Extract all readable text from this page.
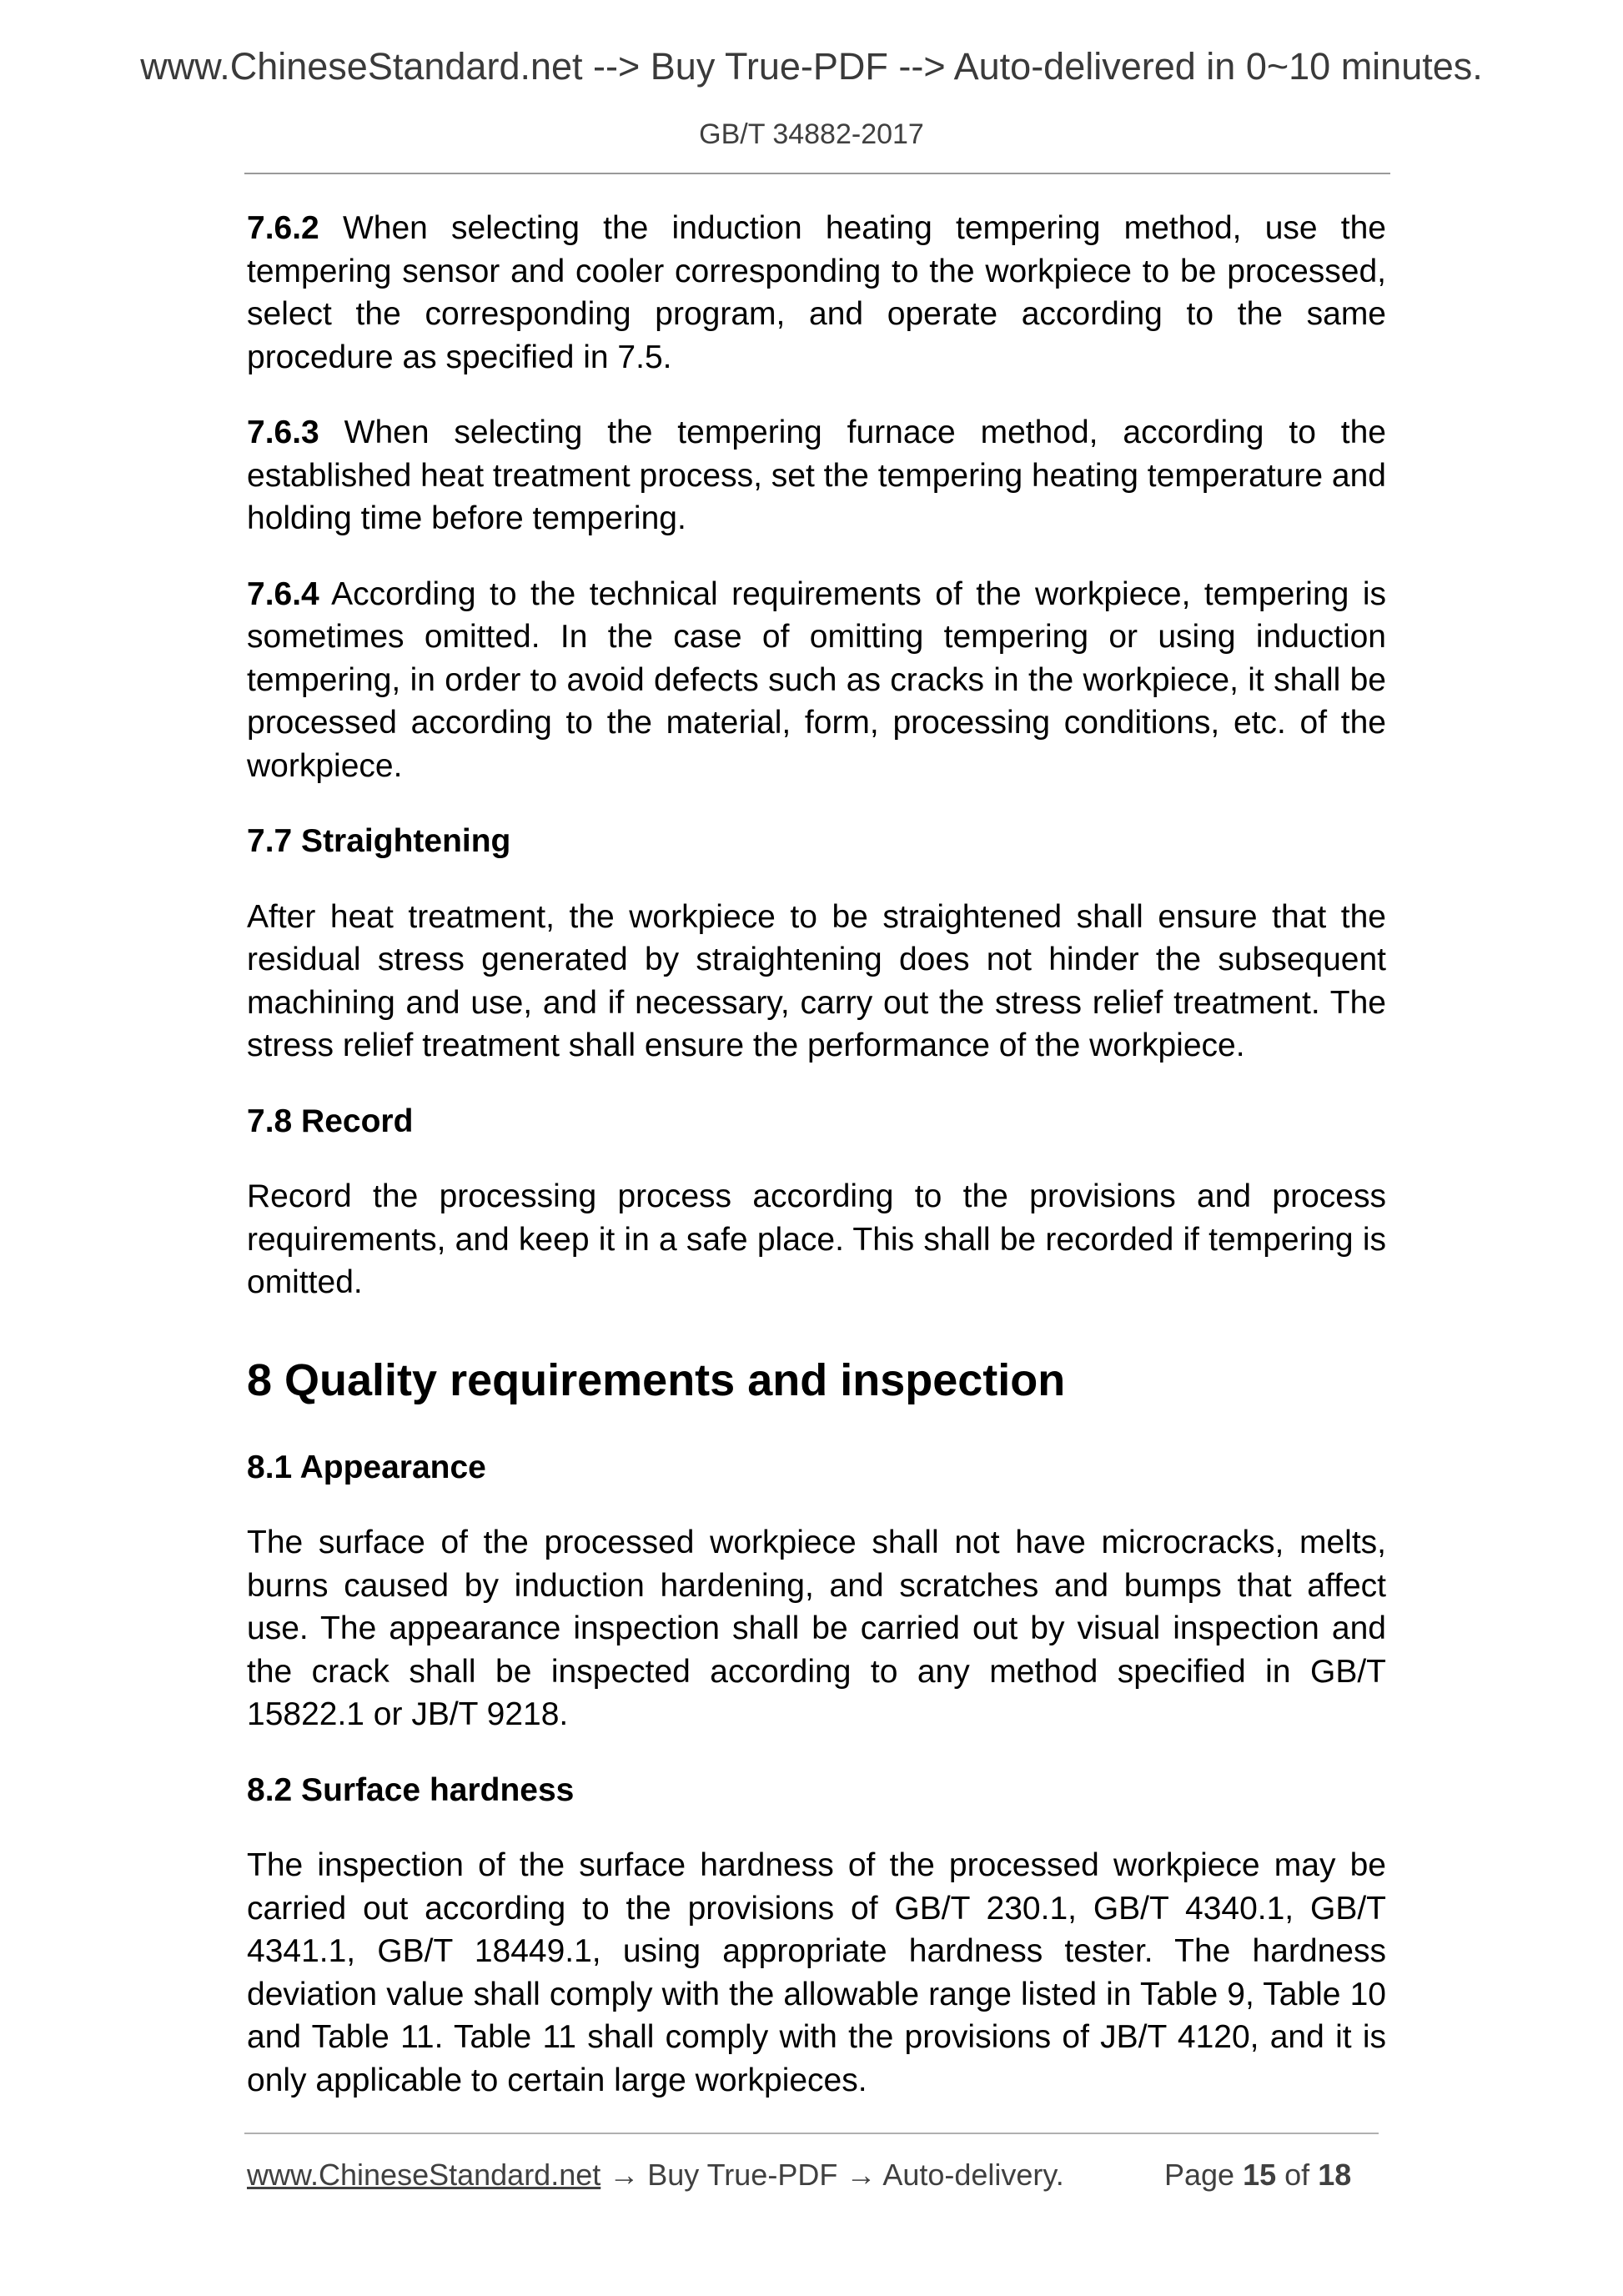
www.ChineseStandard.net --> Buy True-PDF --> Auto-delivered in 0~10 minutes.
GB/T 34882-2017

7.6.2 When selecting the induction heating tempering method, use the tempering sensor and cooler corresponding to the workpiece to be processed, select the corresponding program, and operate according to the same procedure as specified in 7.5.

7.6.3 When selecting the tempering furnace method, according to the established heat treatment process, set the tempering heating temperature and holding time before tempering.

7.6.4 According to the technical requirements of the workpiece, tempering is sometimes omitted. In the case of omitting tempering or using induction tempering, in order to avoid defects such as cracks in the workpiece, it shall be processed according to the material, form, processing conditions, etc. of the workpiece.

7.7 Straightening

After heat treatment, the workpiece to be straightened shall ensure that the residual stress generated by straightening does not hinder the subsequent machining and use, and if necessary, carry out the stress relief treatment. The stress relief treatment shall ensure the performance of the workpiece.

7.8 Record

Record the processing process according to the provisions and process requirements, and keep it in a safe place. This shall be recorded if tempering is omitted.

8 Quality requirements and inspection
8.1 Appearance

The surface of the processed workpiece shall not have microcracks, melts, burns caused by induction hardening, and scratches and bumps that affect use. The appearance inspection shall be carried out by visual inspection and the crack shall be inspected according to any method specified in GB/T 15822.1 or JB/T 9218.

8.2 Surface hardness

The inspection of the surface hardness of the processed workpiece may be carried out according to the provisions of GB/T 230.1, GB/T 4340.1, GB/T 4341.1, GB/T 18449.1, using appropriate hardness tester. The hardness deviation value shall comply with the allowable range listed in Table 9, Table 10 and Table 11. Table 11 shall comply with the provisions of JB/T 4120, and it is only applicable to certain large workpieces.

www.ChineseStandard.net → Buy True-PDF → Auto-delivery.	Page 15 of 18
